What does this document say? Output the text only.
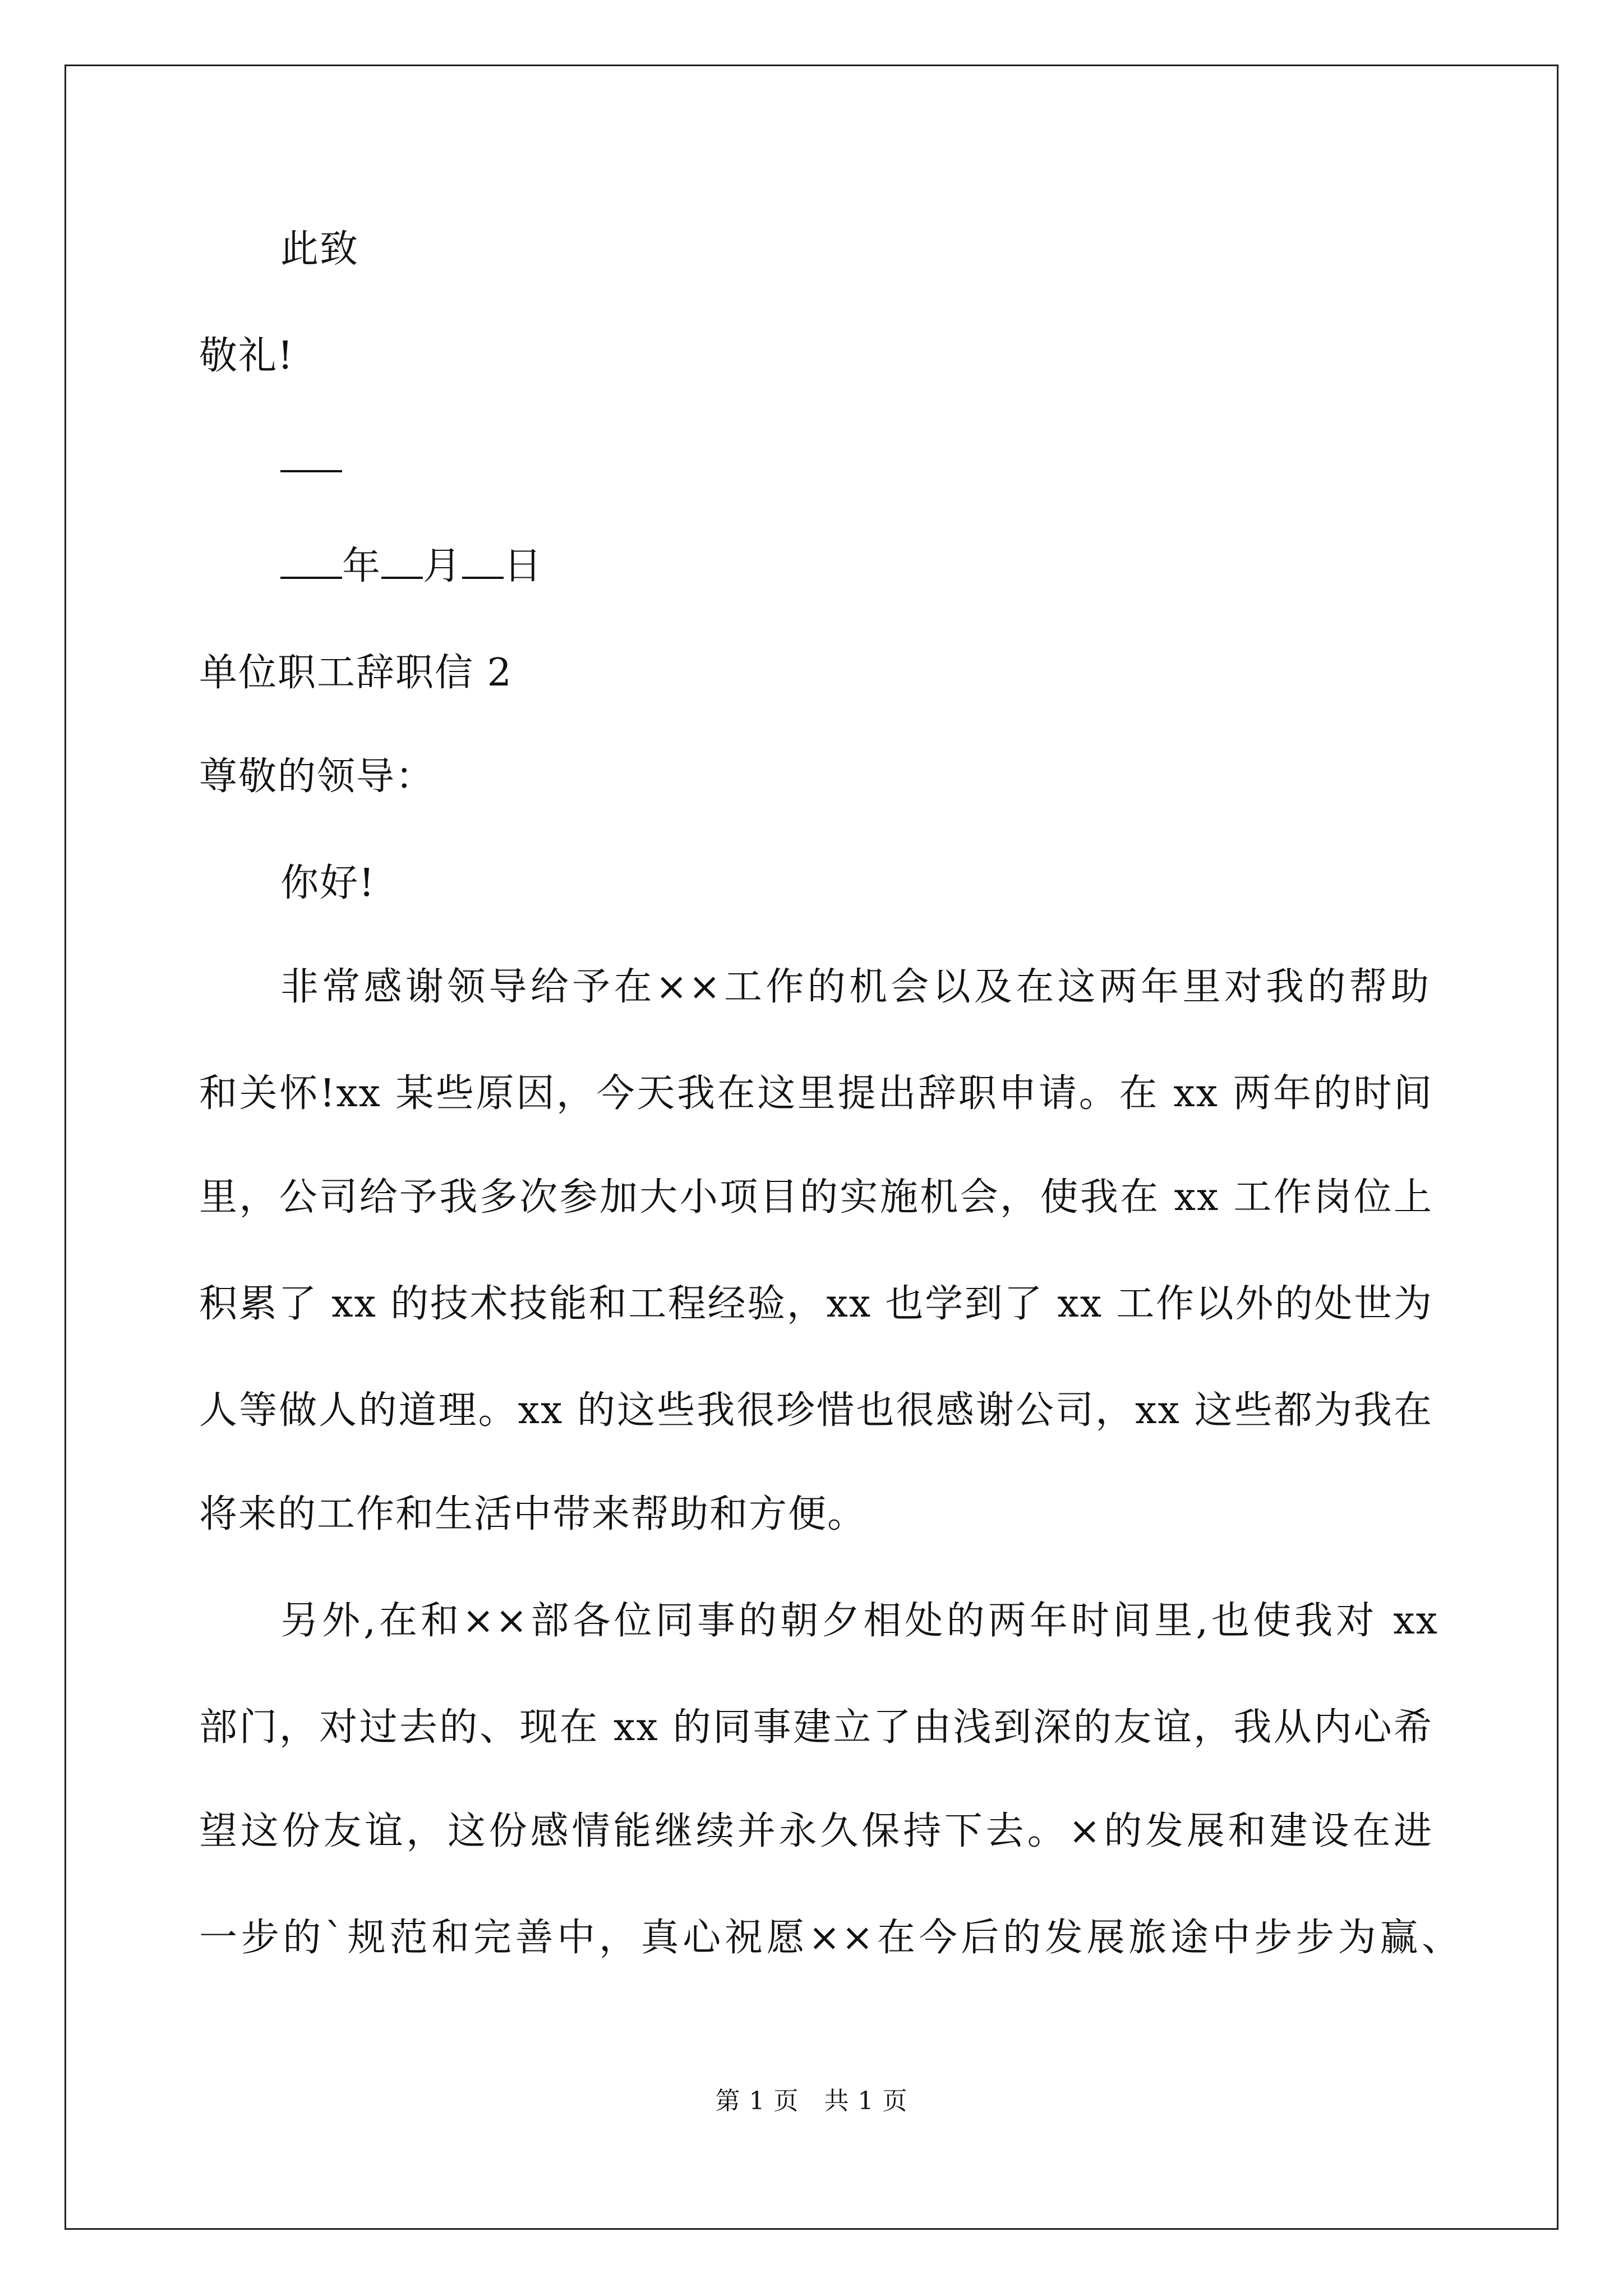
此致
敬礼!
年 月 日
单位职工辞职信 2
尊敬的领导：
你好!
非常感谢领导给予在××工作的机会以及在这两年里对我的帮助
和关怀!xx 某些原因，今天我在这里提出辞职申请。在 xx 两年的时间
里，公司给予我多次参加大小项目的实施机会，使我在 xx 工作岗位上
积累了 xx 的技术技能和工程经验，xx 也学到了 xx 工作以外的处世为
人等做人的道理。xx 的这些我很珍惜也很感谢公司，xx 这些都为我在
将来的工作和生活中带来帮助和方便。
另外,在和××部各位同事的朝夕相处的两年时间里,也使我对 xx
部门，对过去的、现在 xx 的同事建立了由浅到深的友谊，我从内心希
望这份友谊，这份感情能继续并永久保持下去。×的发展和建设在进
一步的`规范和完善中，真心祝愿××在今后的发展旅途中步步为赢、
第 1 页　共 1 页
